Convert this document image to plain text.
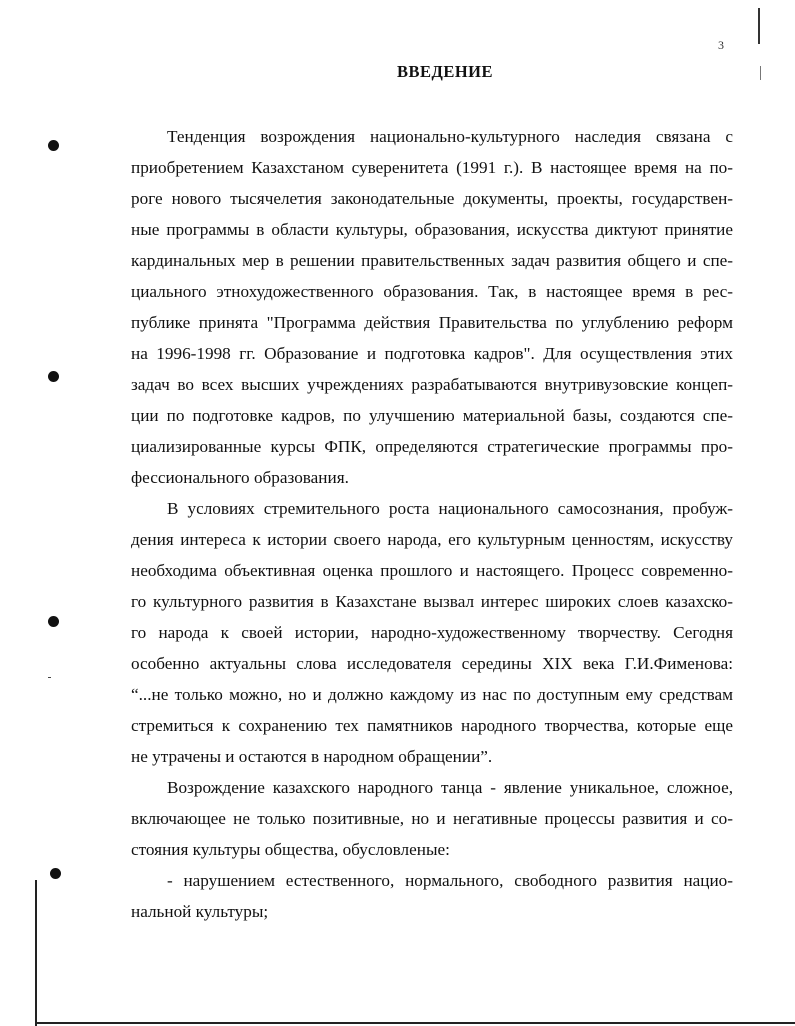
3
ВВЕДЕНИЕ
Тенденция возрождения национально-культурного наследия связана с
приобретением Казахстаном суверенитета (1991 г.). В настоящее время на по-
роге нового тысячелетия законодательные документы, проекты, государствен-
ные программы в области культуры, образования, искусства диктуют принятие
кардинальных мер в решении правительственных задач развития общего и спе-
циального этнохудожественного образования. Так, в настоящее время в рес-
публике принята "Программа действия Правительства по углублению реформ
на 1996-1998 гг. Образование и подготовка кадров". Для осуществления этих
задач во всех высших учреждениях разрабатываются внутривузовские концеп-
ции по подготовке кадров, по улучшению материальной базы, создаются спе-
циализированные курсы ФПК, определяются стратегические программы про-
фессионального образования.
В условиях стремительного роста национального самосознания, пробуж-
дения интереса к истории своего народа, его культурным ценностям, искусству
необходима объективная оценка прошлого и настоящего. Процесс современно-
го культурного развития в Казахстане вызвал интерес широких слоев казахско-
го народа к своей истории, народно-художественному творчеству. Сегодня
особенно актуальны слова исследователя середины XIX века Г.И.Фименова:
“...не только можно, но и должно каждому из нас по доступным ему средствам
стремиться к сохранению тех памятников народного творчества, которые еще
не утрачены и остаются в народном обращении”.
Возрождение казахского народного танца - явление уникальное, сложное,
включающее не только позитивные, но и негативные процессы развития и со-
стояния культуры общества, обусловленые:
- нарушением естественного, нормального, свободного развития нацио-
нальной культуры;
